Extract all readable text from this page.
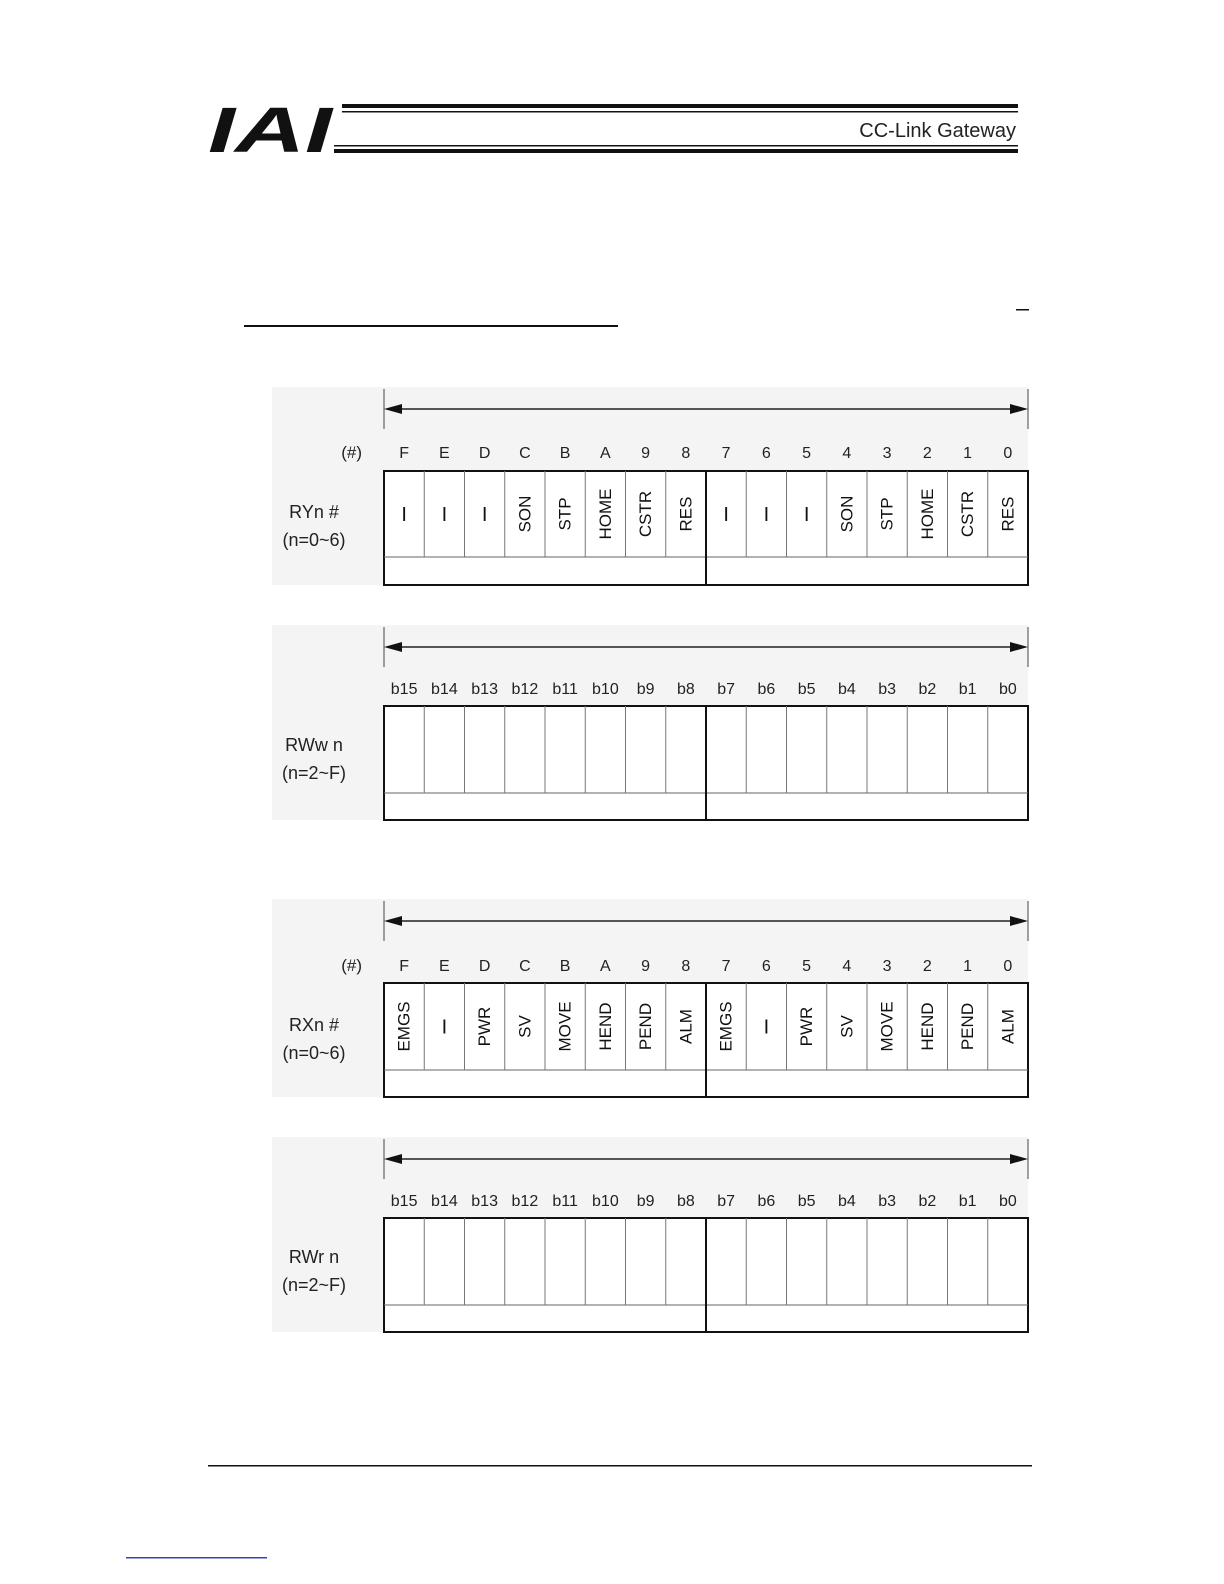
IAI	CC-Link Gateway
(#) F E D C B A 9 8 7 6 5 4 3 2 1 0
RYn #
(n=0~6)
I I I SON STP HOME CSTR RES I I I SON STP HOME CSTR RES
b15 b14 b13 b12 b11 b10 b9 b8 b7 b6 b5 b4 b3 b2 b1 b0
RWw n
(n=2~F)
(#) F E D C B A 9 8 7 6 5 4 3 2 1 0
RXn #
(n=0~6)
EMGS I PWR SV MOVE HEND PEND ALM EMGS I PWR SV MOVE HEND PEND ALM
b15 b14 b13 b12 b11 b10 b9 b8 b7 b6 b5 b4 b3 b2 b1 b0
RWr n
(n=2~F)
